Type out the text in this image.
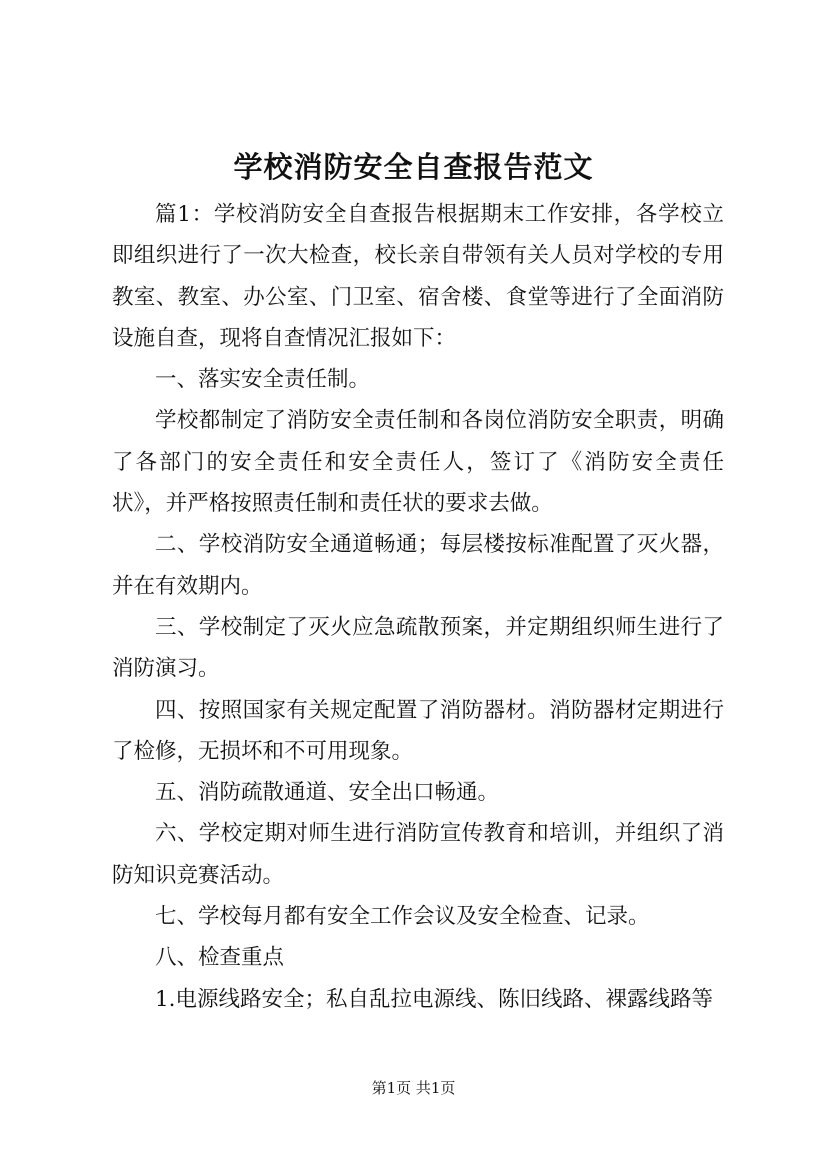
学校消防安全自查报告范文

篇1：学校消防安全自查报告根据期末工作安排，各学校立即组织进行了一次大检查，校长亲自带领有关人员对学校的专用教室、教室、办公室、门卫室、宿舍楼、食堂等进行了全面消防设施自查，现将自查情况汇报如下：

一、落实安全责任制。

学校都制定了消防安全责任制和各岗位消防安全职责，明确了各部门的安全责任和安全责任人，签订了《消防安全责任状》，并严格按照责任制和责任状的要求去做。

二、学校消防安全通道畅通；每层楼按标准配置了灭火器，并在有效期内。

三、学校制定了灭火应急疏散预案，并定期组织师生进行了消防演习。

四、按照国家有关规定配置了消防器材。消防器材定期进行了检修，无损坏和不可用现象。

五、消防疏散通道、安全出口畅通。

六、学校定期对师生进行消防宣传教育和培训，并组织了消防知识竞赛活动。

七、学校每月都有安全工作会议及安全检查、记录。

八、检查重点

1.电源线路安全；私自乱拉电源线、陈旧线路、裸露线路等

第1页 共1页
